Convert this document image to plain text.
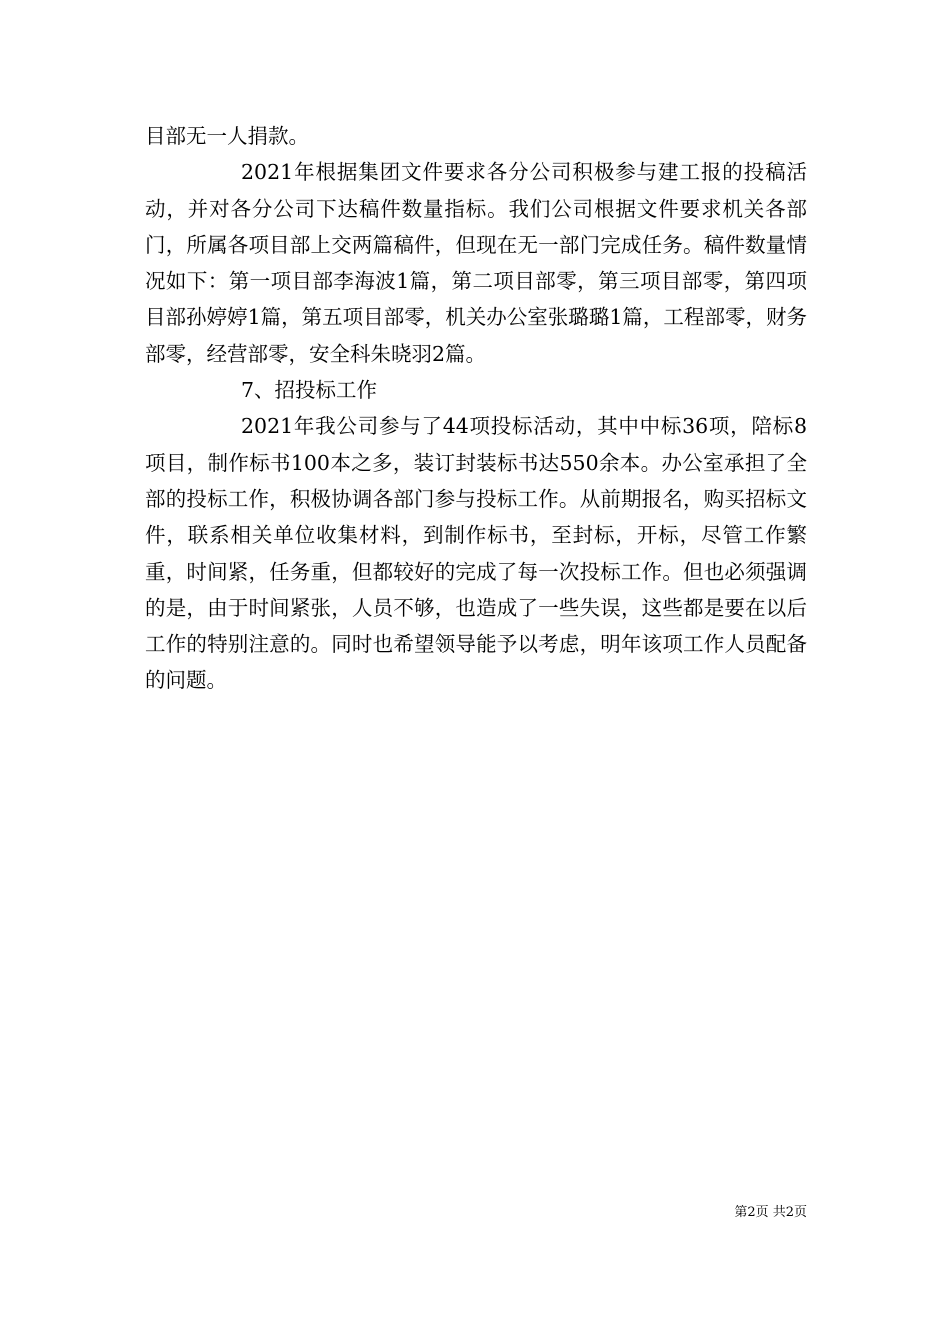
目部无一人捐款。

2021年根据集团文件要求各分公司积极参与建工报的投稿活动，并对各分公司下达稿件数量指标。我们公司根据文件要求机关各部门，所属各项目部上交两篇稿件，但现在无一部门完成任务。稿件数量情况如下：第一项目部李海波1篇，第二项目部零，第三项目部零，第四项目部孙婷婷1篇，第五项目部零，机关办公室张璐璐1篇，工程部零，财务部零，经营部零，安全科朱晓羽2篇。

7、招投标工作

2021年我公司参与了44项投标活动，其中中标36项，陪标8项目，制作标书100本之多，装订封装标书达550余本。办公室承担了全部的投标工作，积极协调各部门参与投标工作。从前期报名，购买招标文件，联系相关单位收集材料，到制作标书，至封标，开标，尽管工作繁重，时间紧，任务重，但都较好的完成了每一次投标工作。但也必须强调的是，由于时间紧张，人员不够，也造成了一些失误，这些都是要在以后工作的特别注意的。同时也希望领导能予以考虑，明年该项工作人员配备的问题。

第2页 共2页
